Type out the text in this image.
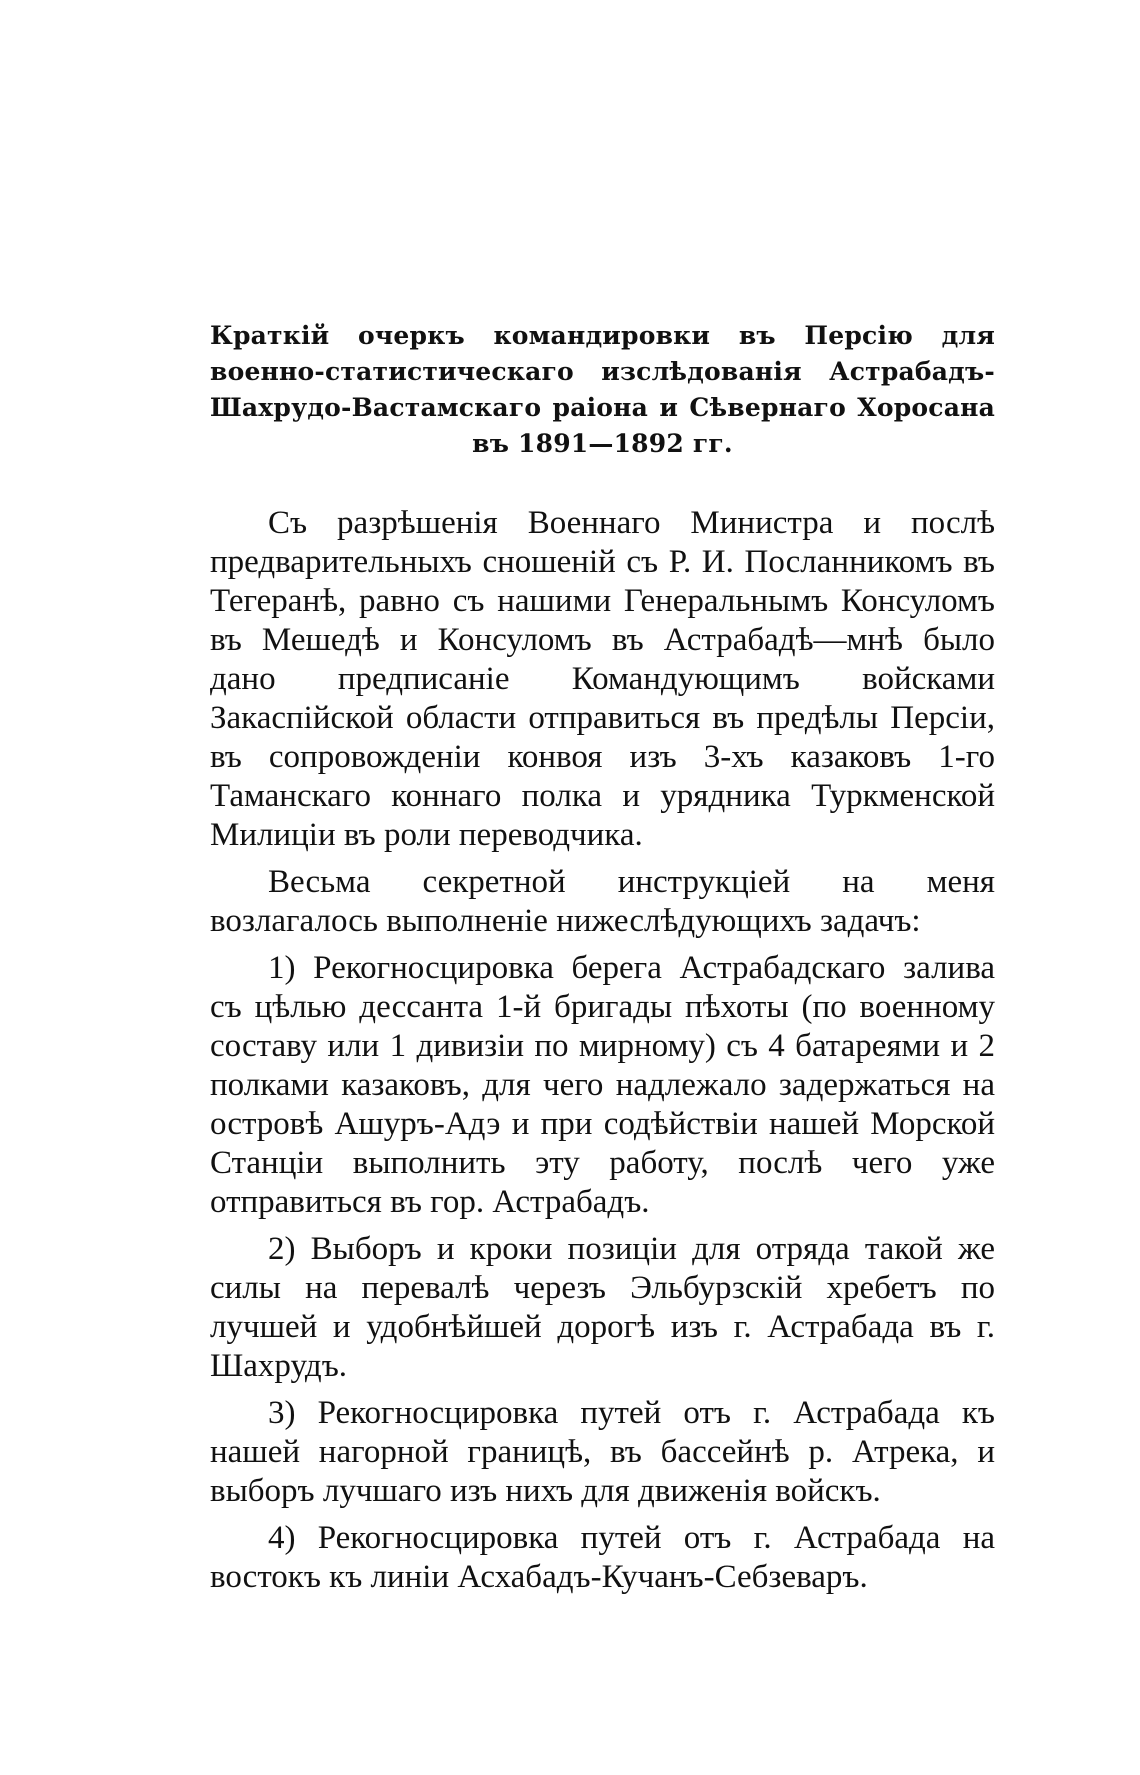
Краткій очеркъ командировки въ Персію для военно-статистическаго изслѣдованія Астрабадъ-Шахрудо-Вастамскаго раіона и Сѣвернаго Хоросана въ 1891—1892 гг.

Съ разрѣшенія Военнаго Министра и послѣ предварительныхъ сношеній съ Р. И. Посланникомъ въ Тегеранѣ, равно съ нашими Генеральнымъ Консуломъ въ Мешедѣ и Консуломъ въ Астрабадѣ—мнѣ было дано предписаніе Командующимъ войсками Закаспійской области отправиться въ предѣлы Персіи, въ сопровожденіи конвоя изъ 3-хъ казаковъ 1-го Таманскаго коннаго полка и урядника Туркменской Милиціи въ роли переводчика.

Весьма секретной инструкціей на меня возлагалось выполненіе нижеслѣдующихъ задачъ:

1) Рекогносцировка берега Астрабадскаго залива съ цѣлью дессанта 1-й бригады пѣхоты (по военному составу или 1 дивизіи по мирному) съ 4 батареями и 2 полками казаковъ, для чего надлежало задержаться на островѣ Ашуръ-Адэ и при содѣйствіи нашей Морской Станціи выполнить эту работу, послѣ чего уже отправиться въ гор. Астрабадъ.

2) Выборъ и кроки позиціи для отряда такой же силы на перевалѣ черезъ Эльбурзскій хребетъ по лучшей и удобнѣйшей дорогѣ изъ г. Астрабада въ г. Шахрудъ.

3) Рекогносцировка путей отъ г. Астрабада къ нашей нагорной границѣ, въ бассейнѣ р. Атрека, и выборъ лучшаго изъ нихъ для движенія войскъ.

4) Рекогносцировка путей отъ г. Астрабада на востокъ къ линіи Асхабадъ-Кучанъ-Себзеваръ.
